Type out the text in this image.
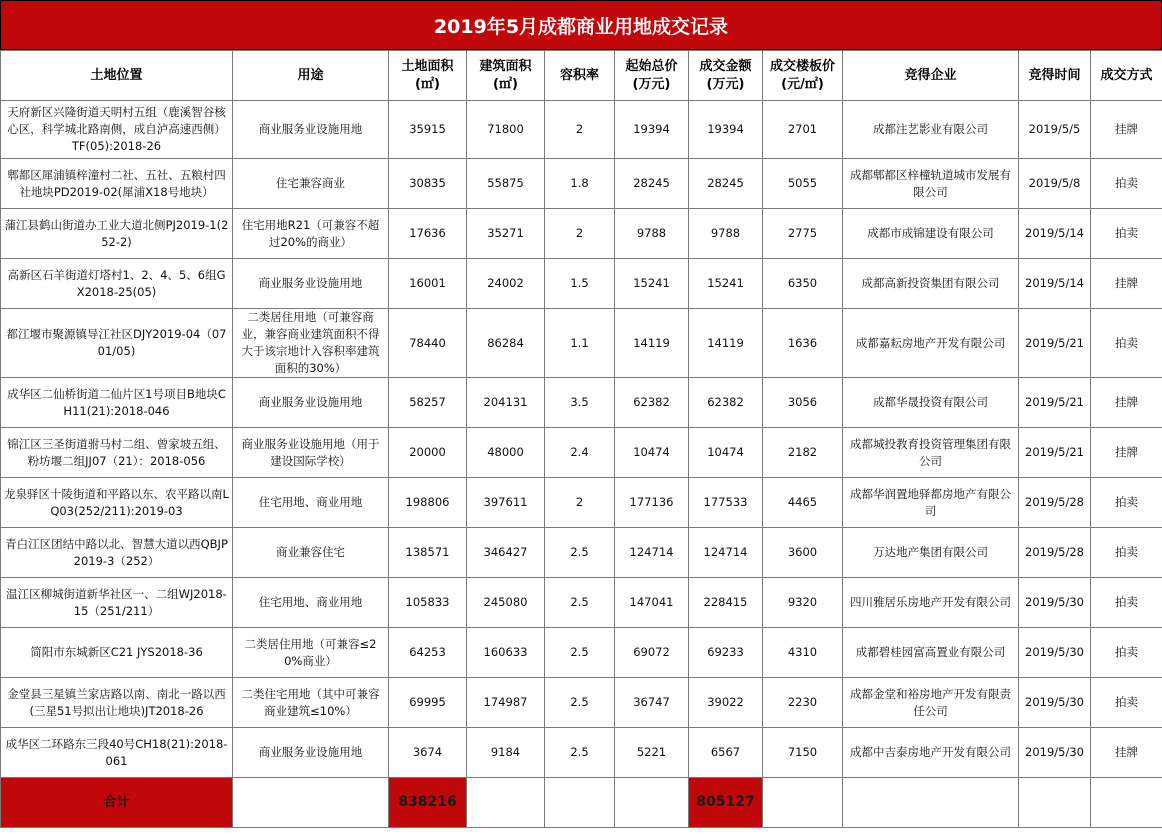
2019年5月成都商业用地成交记录
土地位置	用途	土地面积(㎡)	建筑面积(㎡)	容积率	起始总价(万元)	成交金额(万元)	成交楼板价(元/㎡)	竞得企业	竞得时间	成交方式
天府新区兴隆街道天明村五组（鹿溪智谷核心区，科学城北路南侧，成自泸高速西侧）TF(05):2018-26	商业服务业设施用地	35915	71800	2	19394	19394	2701	成都注艺影业有限公司	2019/5/5	挂牌
郫都区犀浦镇梓潼村二社、五社、五粮村四社地块PD2019-02(犀浦X18号地块）	住宅兼容商业	30835	55875	1.8	28245	28245	5055	成都郫都区梓橦轨道城市发展有限公司	2019/5/8	拍卖
蒲江县鹤山街道办工业大道北侧PJ2019-1(252-2)	住宅用地R21（可兼容不超过20%的商业）	17636	35271	2	9788	9788	2775	成都市成锦建设有限公司	2019/5/14	拍卖
高新区石羊街道灯塔村1、2、4、5、6组GX2018-25(05)	商业服务业设施用地	16001	24002	1.5	15241	15241	6350	成都高新投资集团有限公司	2019/5/14	挂牌
都江堰市聚源镇导江社区DJY2019-04（0701/05)	二类居住用地（可兼容商业，兼容商业建筑面积不得大于该宗地计入容积率建筑面积的30%）	78440	86284	1.1	14119	14119	1636	成都嘉耘房地产开发有限公司	2019/5/21	拍卖
成华区二仙桥街道二仙片区1号项目B地块CH11(21):2018-046	商业服务业设施用地	58257	204131	3.5	62382	62382	3056	成都华晟投资有限公司	2019/5/21	挂牌
锦江区三圣街道驸马村二组、曾家坡五组、粉坊堰二组JJ07（21）：2018-056	商业服务业设施用地（用于建设国际学校）	20000	48000	2.4	10474	10474	2182	成都城投教育投资管理集团有限公司	2019/5/21	挂牌
龙泉驿区十陵街道和平路以东、农平路以南LQ03(252/211):2019-03	住宅用地、商业用地	198806	397611	2	177136	177533	4465	成都华润置地驿都房地产有限公司	2019/5/28	拍卖
青白江区团结中路以北、智慧大道以西QBJP2019-3（252）	商业兼容住宅	138571	346427	2.5	124714	124714	3600	万达地产集团有限公司	2019/5/28	拍卖
温江区柳城街道新华社区一、二组WJ2018-15（251/211）	住宅用地、商业用地	105833	245080	2.5	147041	228415	9320	四川雅居乐房地产开发有限公司	2019/5/30	拍卖
简阳市东城新区C21 JYS2018-36	二类居住用地（可兼容≤20%商业）	64253	160633	2.5	69072	69233	4310	成都碧桂园富高置业有限公司	2019/5/30	拍卖
金堂县三星镇兰家店路以南、南北一路以西(三星51号拟出让地块)JT2018-26	二类住宅用地（其中可兼容商业建筑≤10%）	69995	174987	2.5	36747	39022	2230	成都金堂和裕房地产开发有限责任公司	2019/5/30	拍卖
成华区二环路东三段40号CH18(21):2018-061	商业服务业设施用地	3674	9184	2.5	5221	6567	7150	成都中吉泰房地产开发有限公司	2019/5/30	挂牌
合计		838216				805127				
